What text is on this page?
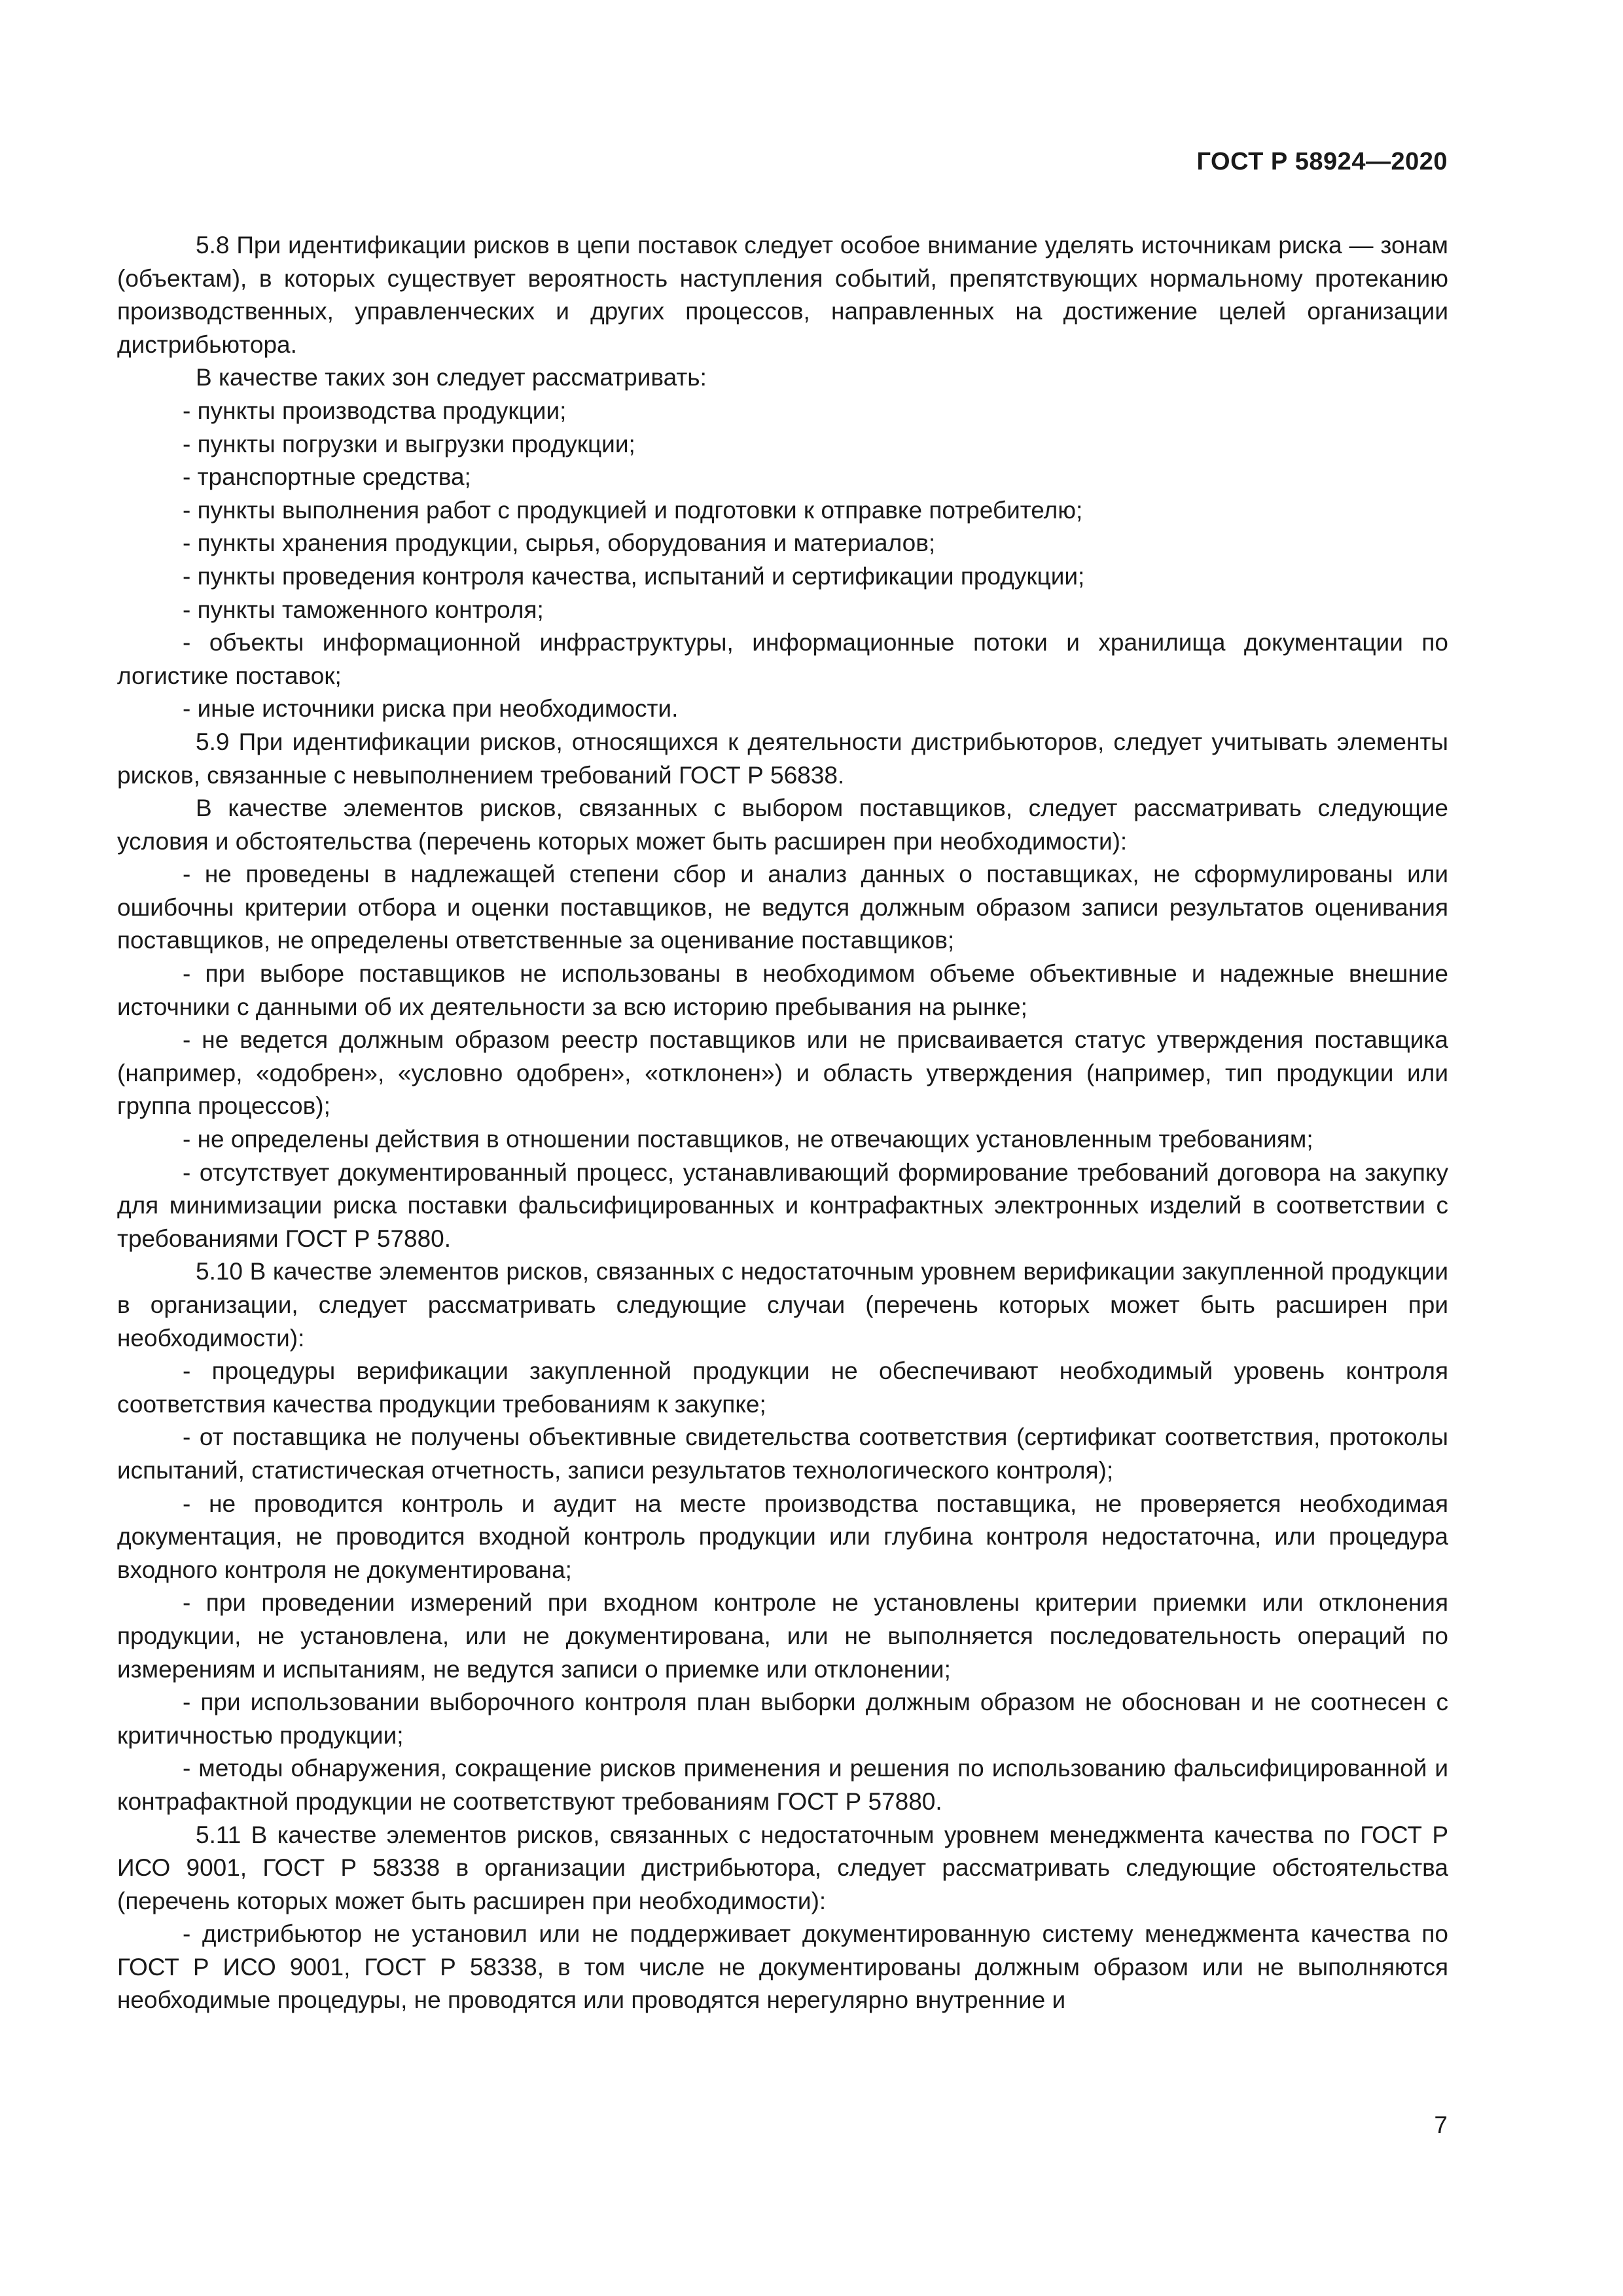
ГОСТ Р 58924—2020

5.8 При идентификации рисков в цепи поставок следует особое внимание уделять источникам риска — зонам (объектам), в которых существует вероятность наступления событий, препятствующих нормальному протеканию производственных, управленческих и других процессов, направленных на достижение целей организации дистрибьютора.

В качестве таких зон следует рассматривать:

- пункты производства продукции;

- пункты погрузки и выгрузки продукции;

- транспортные средства;

- пункты выполнения работ с продукцией и подготовки к отправке потребителю;

- пункты хранения продукции, сырья, оборудования и материалов;

- пункты проведения контроля качества, испытаний и сертификации продукции;

- пункты таможенного контроля;

- объекты информационной инфраструктуры, информационные потоки и хранилища документации по логистике поставок;

- иные источники риска при необходимости.

5.9 При идентификации рисков, относящихся к деятельности дистрибьюторов, следует учитывать элементы рисков, связанные с невыполнением требований ГОСТ Р 56838.

В качестве элементов рисков, связанных с выбором поставщиков, следует рассматривать следующие условия и обстоятельства (перечень которых может быть расширен при необходимости):

- не проведены в надлежащей степени сбор и анализ данных о поставщиках, не сформулированы или ошибочны критерии отбора и оценки поставщиков, не ведутся должным образом записи результатов оценивания поставщиков, не определены ответственные за оценивание поставщиков;

- при выборе поставщиков не использованы в необходимом объеме объективные и надежные внешние источники с данными об их деятельности за всю историю пребывания на рынке;

- не ведется должным образом реестр поставщиков или не присваивается статус утверждения поставщика (например, «одобрен», «условно одобрен», «отклонен») и область утверждения (например, тип продукции или группа процессов);

- не определены действия в отношении поставщиков, не отвечающих установленным требованиям;

- отсутствует документированный процесс, устанавливающий формирование требований договора на закупку для минимизации риска поставки фальсифицированных и контрафактных электронных изделий в соответствии с требованиями ГОСТ Р 57880.

5.10 В качестве элементов рисков, связанных с недостаточным уровнем верификации закупленной продукции в организации, следует рассматривать следующие случаи (перечень которых может быть расширен при необходимости):

- процедуры верификации закупленной продукции не обеспечивают необходимый уровень контроля соответствия качества продукции требованиям к закупке;

- от поставщика не получены объективные свидетельства соответствия (сертификат соответствия, протоколы испытаний, статистическая отчетность, записи результатов технологического контроля);

- не проводится контроль и аудит на месте производства поставщика, не проверяется необходимая документация, не проводится входной контроль продукции или глубина контроля недостаточна, или процедура входного контроля не документирована;

- при проведении измерений при входном контроле не установлены критерии приемки или отклонения продукции, не установлена, или не документирована, или не выполняется последовательность операций по измерениям и испытаниям, не ведутся записи о приемке или отклонении;

- при использовании выборочного контроля план выборки должным образом не обоснован и не соотнесен с критичностью продукции;

- методы обнаружения, сокращение рисков применения и решения по использованию фальсифицированной и контрафактной продукции не соответствуют требованиям ГОСТ Р 57880.

5.11 В качестве элементов рисков, связанных с недостаточным уровнем менеджмента качества по ГОСТ Р ИСО 9001, ГОСТ Р 58338 в организации дистрибьютора, следует рассматривать следующие обстоятельства (перечень которых может быть расширен при необходимости):

- дистрибьютор не установил или не поддерживает документированную систему менеджмента качества по ГОСТ Р ИСО 9001, ГОСТ Р 58338, в том числе не документированы должным образом или не выполняются необходимые процедуры, не проводятся или проводятся нерегулярно внутренние и

7
